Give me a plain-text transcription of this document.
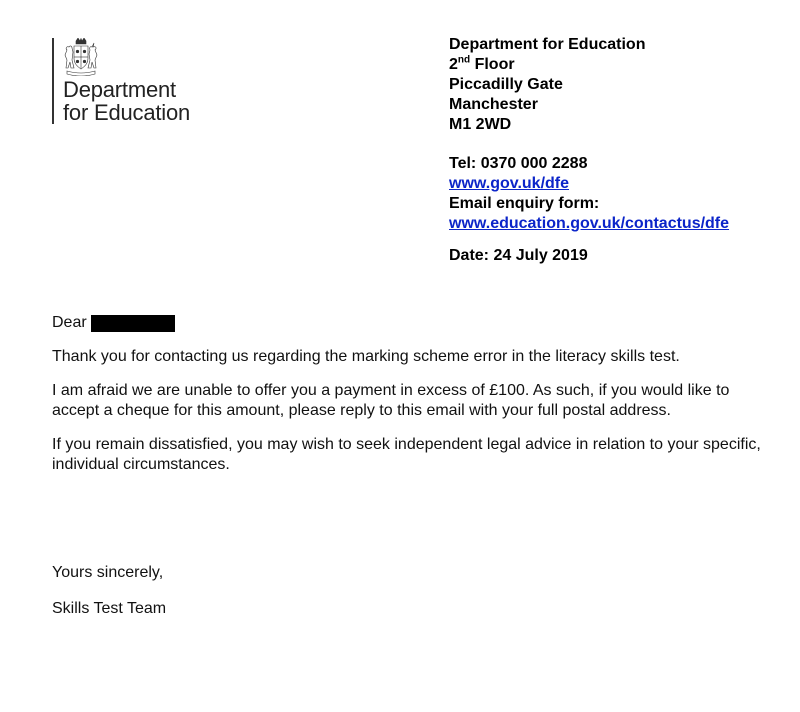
Department
for Education
Department for Education
2nd Floor
Piccadilly Gate
Manchester
M1 2WD
Tel: 0370 000 2288
www.gov.uk/dfe
Email enquiry form:
www.education.gov.uk/contactus/dfe
Date: 24 July 2019

Dear

Thank you for contacting us regarding the marking scheme error in the literacy skills test.

I am afraid we are unable to offer you a payment in excess of £100. As such, if you would like to accept a cheque for this amount, please reply to this email with your full postal address.

If you remain dissatisfied, you may wish to seek independent legal advice in relation to your specific, individual circumstances.

Yours sincerely,
Skills Test Team
